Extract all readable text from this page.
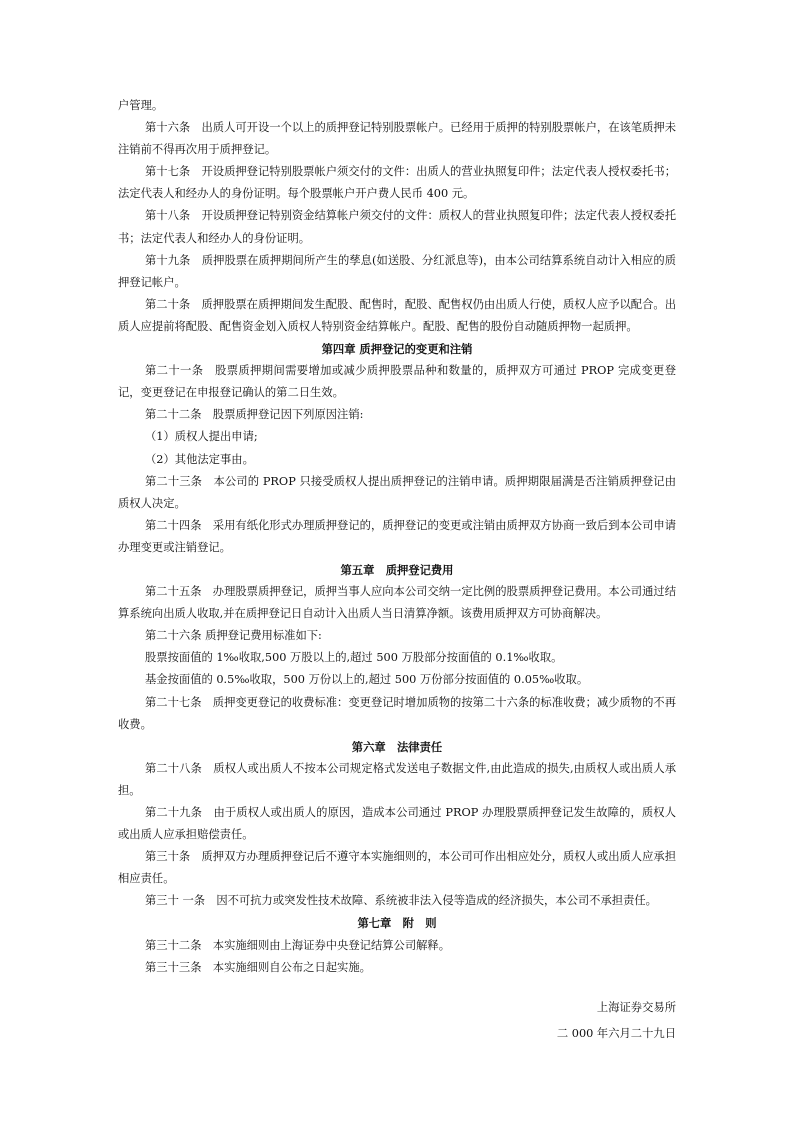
户管理。

第十六条　出质人可开设一个以上的质押登记特别股票帐户。已经用于质押的特别股票帐户，在该笔质押未注销前不得再次用于质押登记。

第十七条　开设质押登记特别股票帐户须交付的文件：出质人的营业执照复印件；法定代表人授权委托书；法定代表人和经办人的身份证明。每个股票帐户开户费人民币 400 元。

第十八条　开设质押登记特别资金结算帐户须交付的文件：质权人的营业执照复印件；法定代表人授权委托书；法定代表人和经办人的身份证明。

第十九条　质押股票在质押期间所产生的孳息(如送股、分红派息等)，由本公司结算系统自动计入相应的质押登记帐户。

第二十条　质押股票在质押期间发生配股、配售时，配股、配售权仍由出质人行使，质权人应予以配合。出质人应提前将配股、配售资金划入质权人特别资金结算帐户。配股、配售的股份自动随质押物一起质押。

第四章 质押登记的变更和注销

第二十一条　股票质押期间需要增加或减少质押股票品种和数量的，质押双方可通过 PROP 完成变更登记，变更登记在申报登记确认的第二日生效。

第二十二条　股票质押登记因下列原因注销:

（1）质权人提出申请;

（2）其他法定事由。

第二十三条　本公司的 PROP 只接受质权人提出质押登记的注销申请。质押期限届满是否注销质押登记由质权人决定。

第二十四条　采用有纸化形式办理质押登记的，质押登记的变更或注销由质押双方协商一致后到本公司申请办理变更或注销登记。

第五章　质押登记费用

第二十五条　办理股票质押登记，质押当事人应向本公司交纳一定比例的股票质押登记费用。本公司通过结算系统向出质人收取,并在质押登记日自动计入出质人当日清算净额。该费用质押双方可协商解决。

第二十六条 质押登记费用标准如下:

股票按面值的 1‰收取,500 万股以上的,超过 500 万股部分按面值的 0.1‰收取。

基金按面值的 0.5‰收取，500 万份以上的,超过 500 万份部分按面值的 0.05‰收取。

第二十七条　质押变更登记的收费标准：变更登记时增加质物的按第二十六条的标准收费；减少质物的不再收费。

第六章　法律责任

第二十八条　质权人或出质人不按本公司规定格式发送电子数据文件,由此造成的损失,由质权人或出质人承担。

第二十九条　由于质权人或出质人的原因，造成本公司通过 PROP 办理股票质押登记发生故障的，质权人或出质人应承担赔偿责任。

第三十条　质押双方办理质押登记后不遵守本实施细则的，本公司可作出相应处分，质权人或出质人应承担相应责任。

第三十 一条　因不可抗力或突发性技术故障、系统被非法入侵等造成的经济损失，本公司不承担责任。

第七章　附　则

第三十二条　本实施细则由上海证券中央登记结算公司解释。

第三十三条　本实施细则自公布之日起实施。

上海证券交易所

二 000 年六月二十九日
